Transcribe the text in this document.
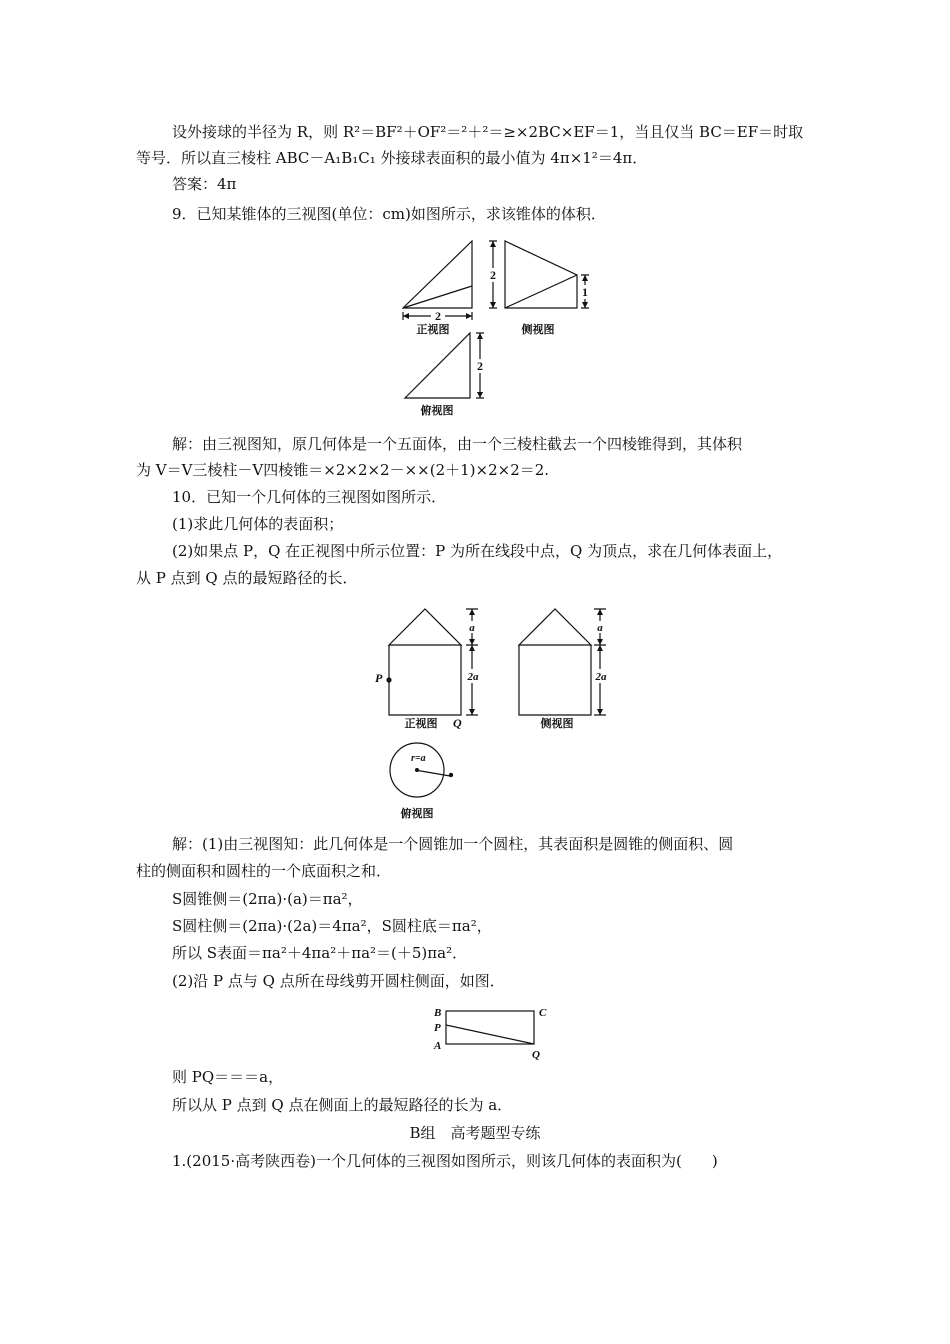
设外接球的半径为 R，则 R²＝BF²＋OF²＝²＋²＝≥×2BC×EF＝1，当且仅当 BC＝EF＝时取
等号．所以直三棱柱 ABC－A₁B₁C₁ 外接球表面积的最小值为 4π×1²＝4π．
答案：4π
9．已知某锥体的三视图(单位：cm)如图所示，求该锥体的体积．
2
2
1
2
正视图	侧视图
俯视图
解：由三视图知，原几何体是一个五面体，由一个三棱柱截去一个四棱锥得到，其体积
为 V＝V三棱柱－V四棱锥＝×2×2×2－××(2＋1)×2×2＝2.
10．已知一个几何体的三视图如图所示．
(1)求此几何体的表面积；
(2)如果点 P，Q 在正视图中所示位置：P 为所在线段中点，Q 为顶点，求在几何体表面上，
从 P 点到 Q 点的最短路径的长．
a
2a
a
2a
P
正视图 Q	侧视图
r=a
俯视图
解：(1)由三视图知：此几何体是一个圆锥加一个圆柱，其表面积是圆锥的侧面积、圆
柱的侧面积和圆柱的一个底面积之和．
S圆锥侧＝(2πa)·(a)＝πa²，
S圆柱侧＝(2πa)·(2a)＝4πa²，S圆柱底＝πa²，
所以 S表面＝πa²＋4πa²＋πa²＝(＋5)πa²．
(2)沿 P 点与 Q 点所在母线剪开圆柱侧面，如图．
B	C
P
A
Q
则 PQ＝＝＝a，
所以从 P 点到 Q 点在侧面上的最短路径的长为 a．
B组　高考题型专练
1.(2015·高考陕西卷)一个几何体的三视图如图所示，则该几何体的表面积为(　　)
